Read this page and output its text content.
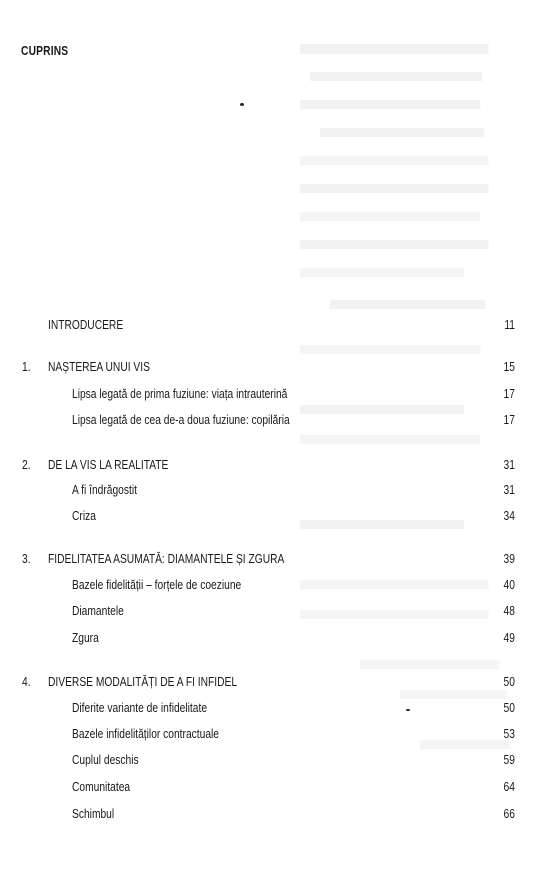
CUPRINS
INTRODUCERE	11
1. NAȘTEREA UNUI VIS	15
Lipsa legată de prima fuziune: viața intrauterină	17
Lipsa legată de cea de-a doua fuziune: copilăria	17
2. DE LA VIS LA REALITATE	31
A fi îndrăgostit	31
Criza	34
3. FIDELITATEA ASUMATĂ: DIAMANTELE ȘI ZGURA	39
Bazele fidelității – forțele de coeziune	40
Diamantele	48
Zgura	49
4. DIVERSE MODALITĂȚI DE A FI INFIDEL	50
Diferite variante de infidelitate	50
Bazele infidelităților contractuale	53
Cuplul deschis	59
Comunitatea	64
Schimbul	66
